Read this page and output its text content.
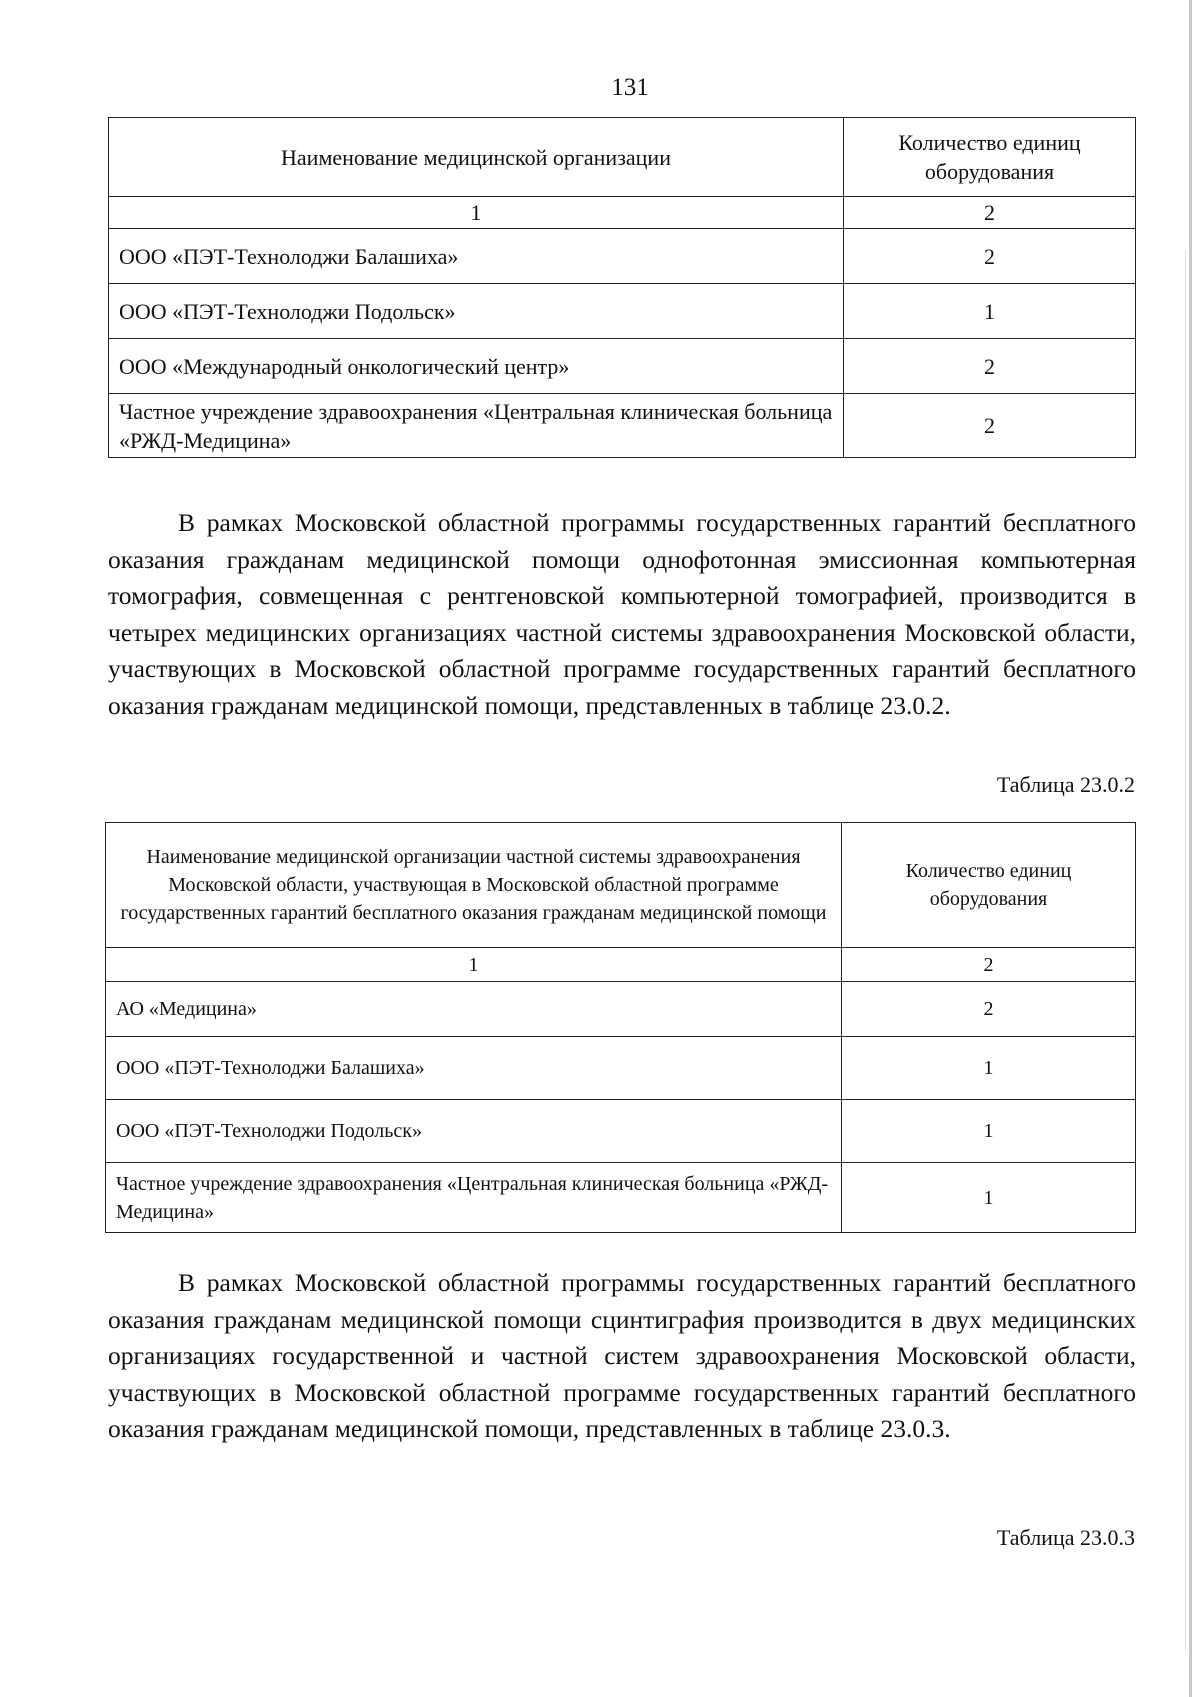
131
Наименование медицинской организации	Количество единиц оборудования
1	2
ООО «ПЭТ-Технолоджи Балашиха»	2
ООО «ПЭТ-Технолоджи Подольск»	1
ООО «Международный онкологический центр»	2
Частное учреждение здравоохранения «Центральная клиническая больница «РЖД-Медицина»	2
В рамках Московской областной программы государственных гарантий бесплатного оказания гражданам медицинской помощи однофотонная эмиссионная компьютерная томография, совмещенная с рентгеновской компьютерной томографией, производится в четырех медицинских организациях частной системы здравоохранения Московской области, участвующих в Московской областной программе государственных гарантий бесплатного оказания гражданам медицинской помощи, представленных в таблице 23.0.2.
Таблица 23.0.2
Наименование медицинской организации частной системы здравоохранения Московской области, участвующая в Московской областной программе государственных гарантий бесплатного оказания гражданам медицинской помощи	Количество единиц оборудования
1	2
АО «Медицина»	2
ООО «ПЭТ-Технолоджи Балашиха»	1
ООО «ПЭТ-Технолоджи Подольск»	1
Частное учреждение здравоохранения «Центральная клиническая больница «РЖД-Медицина»	1
В рамках Московской областной программы государственных гарантий бесплатного оказания гражданам медицинской помощи сцинтиграфия производится в двух медицинских организациях государственной и частной систем здравоохранения Московской области, участвующих в Московской областной программе государственных гарантий бесплатного оказания гражданам медицинской помощи, представленных в таблице 23.0.3.
Таблица 23.0.3
